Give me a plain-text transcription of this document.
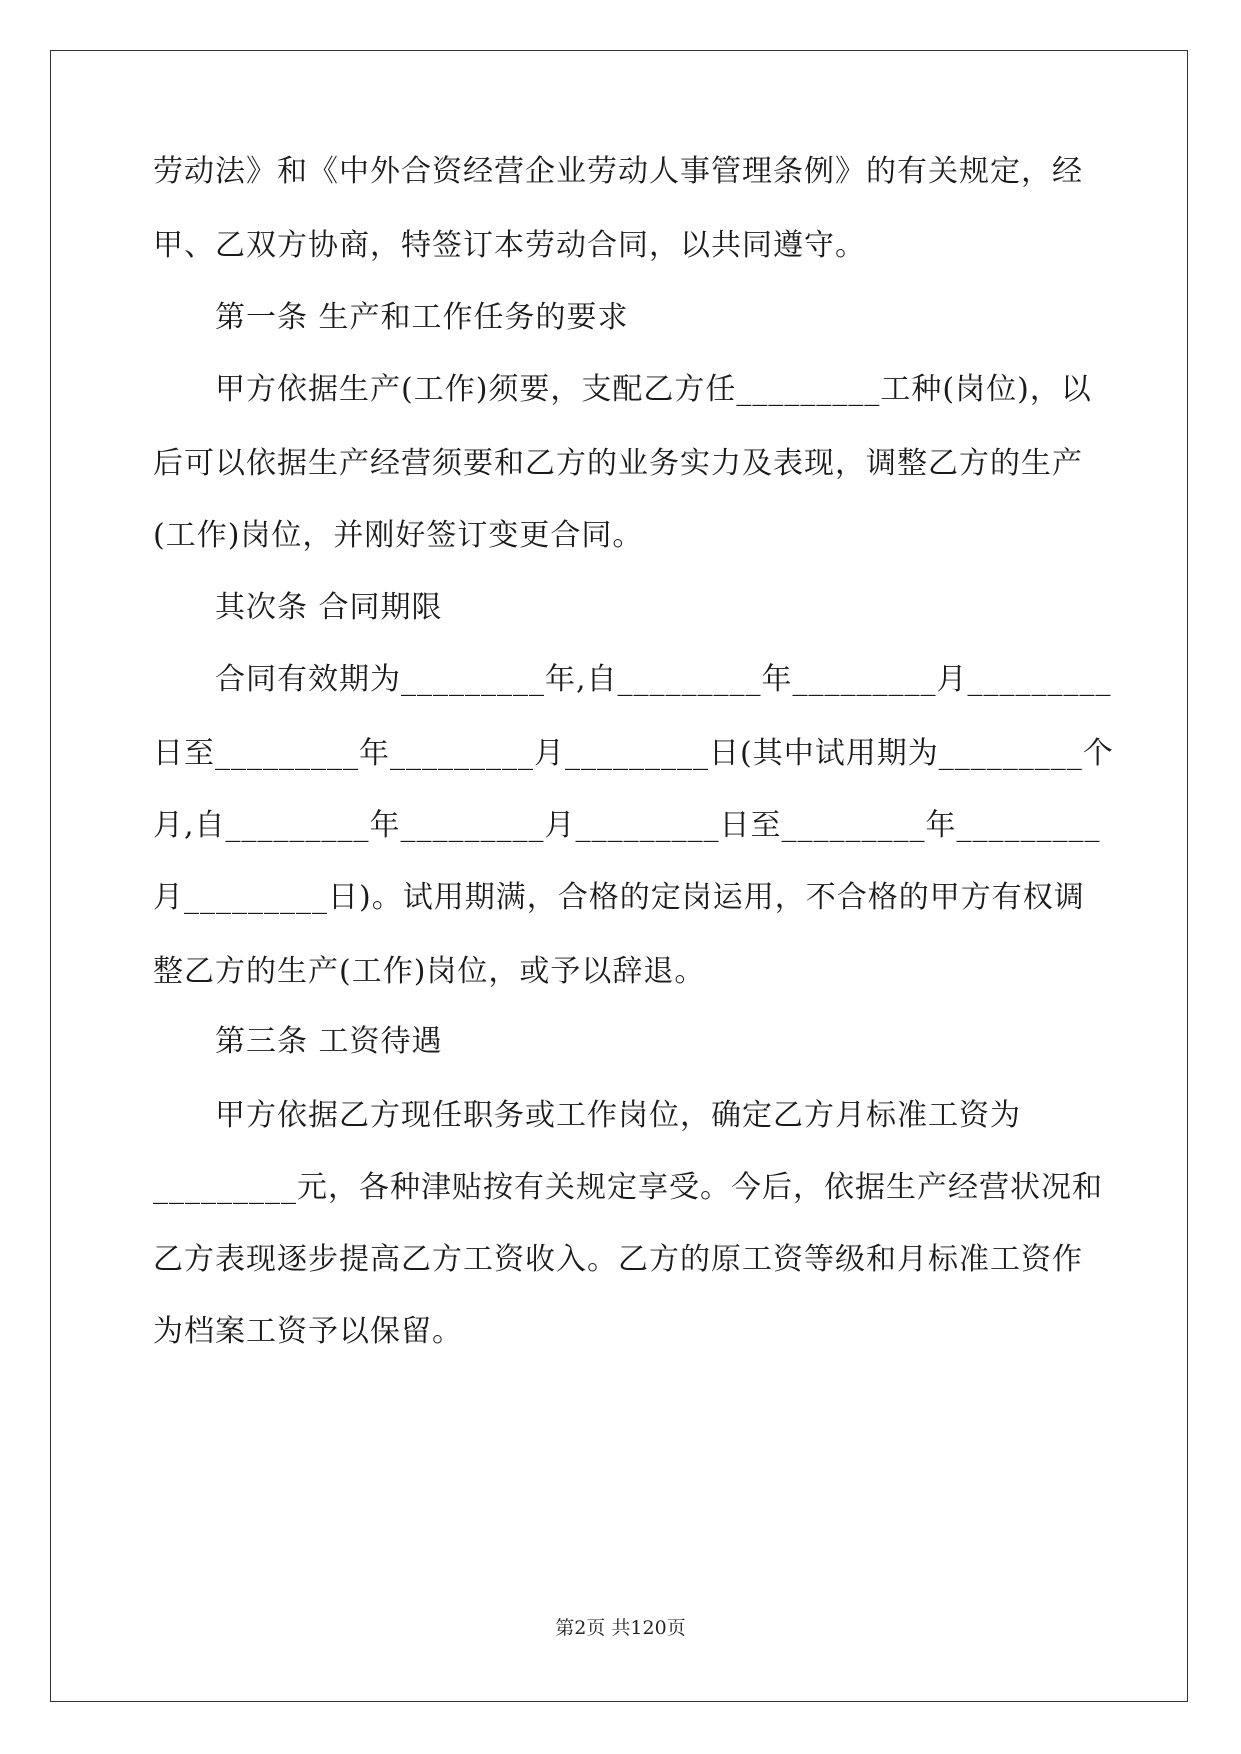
劳动法》和《中外合资经营企业劳动人事管理条例》的有关规定，经
甲、乙双方协商，特签订本劳动合同，以共同遵守。
第一条 生产和工作任务的要求
甲方依据生产(工作)须要，支配乙方任_________工种(岗位)，以
后可以依据生产经营须要和乙方的业务实力及表现，调整乙方的生产
(工作)岗位，并刚好签订变更合同。
其次条 合同期限
合同有效期为_________年,自_________年_________月_________
日至_________年_________月_________日(其中试用期为_________个
月,自_________年_________月_________日至_________年_________
月_________日)。试用期满，合格的定岗运用，不合格的甲方有权调
整乙方的生产(工作)岗位，或予以辞退。
第三条 工资待遇
甲方依据乙方现任职务或工作岗位，确定乙方月标准工资为
_________元，各种津贴按有关规定享受。今后，依据生产经营状况和
乙方表现逐步提高乙方工资收入。乙方的原工资等级和月标准工资作
为档案工资予以保留。
第2页 共120页
